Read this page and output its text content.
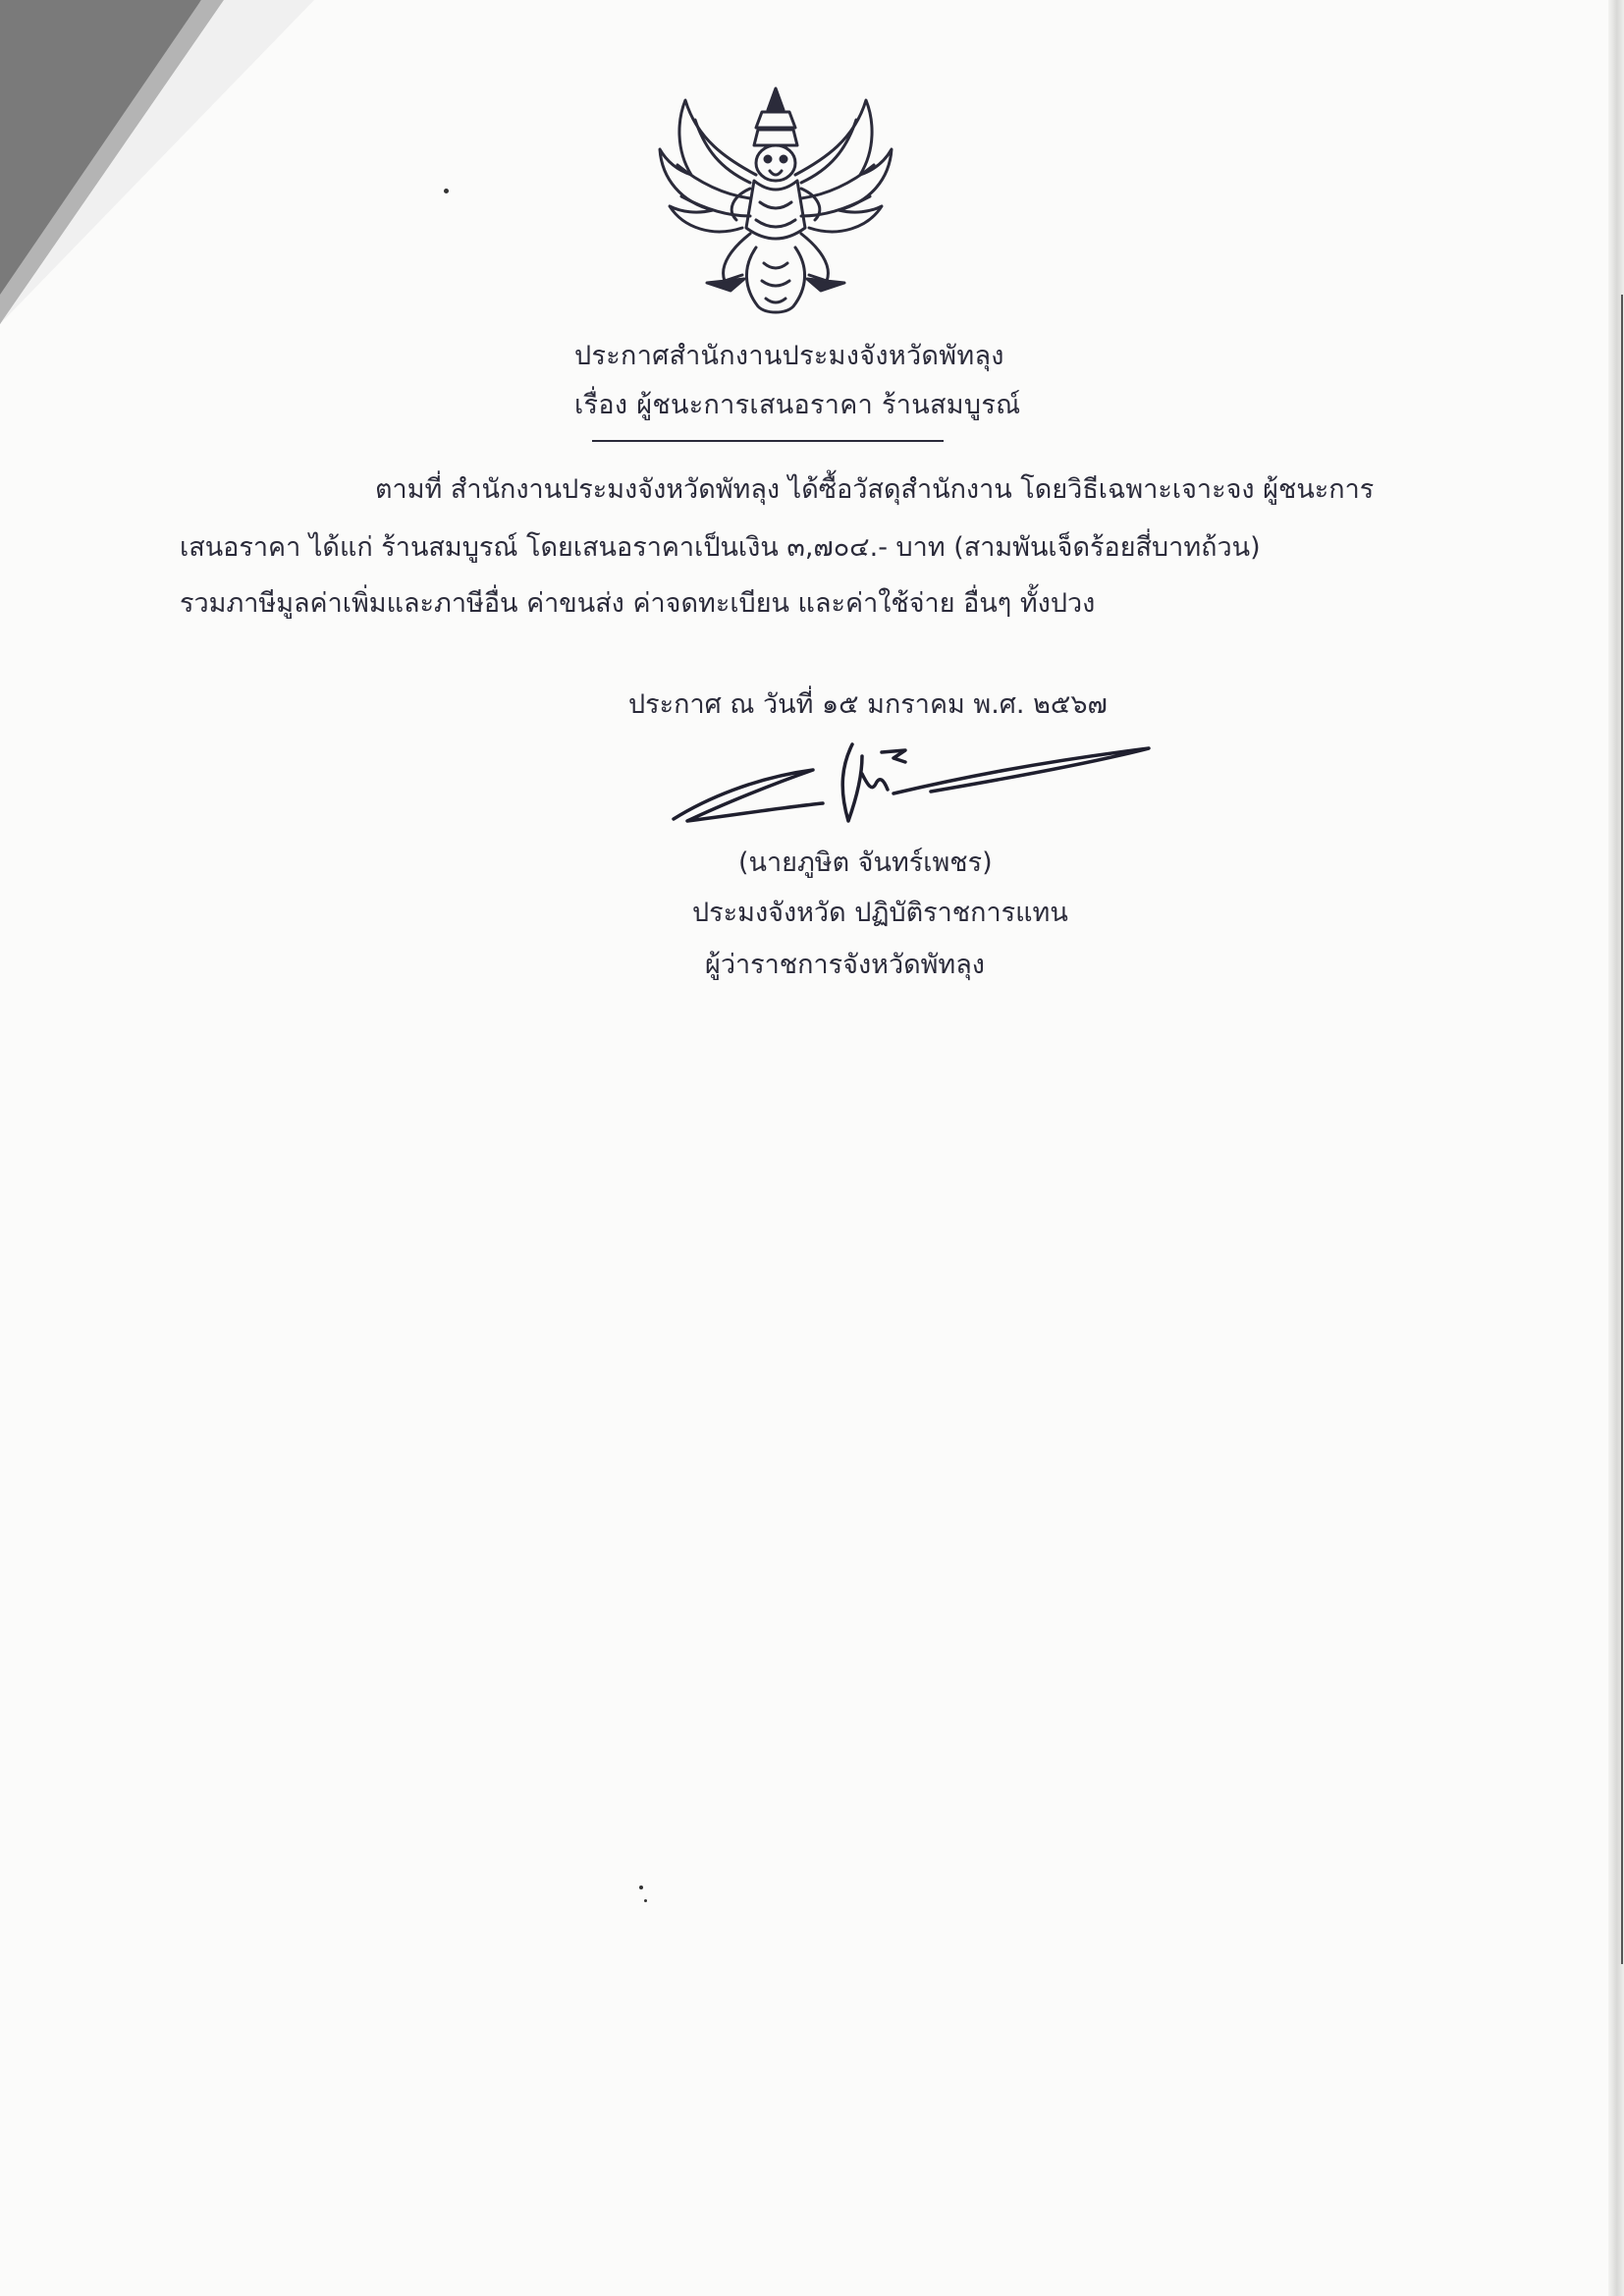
ประกาศสำนักงานประมงจังหวัดพัทลุง
เรื่อง ผู้ชนะการเสนอราคา ร้านสมบูรณ์
ตามที่ สำนักงานประมงจังหวัดพัทลุง ได้ซื้อวัสดุสำนักงาน โดยวิธีเฉพาะเจาะจง ผู้ชนะการ
เสนอราคา ได้แก่ ร้านสมบูรณ์ โดยเสนอราคาเป็นเงิน ๓,๗๐๔.- บาท (สามพันเจ็ดร้อยสี่บาทถ้วน)
รวมภาษีมูลค่าเพิ่มและภาษีอื่น ค่าขนส่ง ค่าจดทะเบียน และค่าใช้จ่าย อื่นๆ ทั้งปวง
ประกาศ ณ วันที่ ๑๕ มกราคม พ.ศ. ๒๕๖๗
(นายภูษิต จันทร์เพชร)
ประมงจังหวัด ปฏิบัติราชการแทน
ผู้ว่าราชการจังหวัดพัทลุง
